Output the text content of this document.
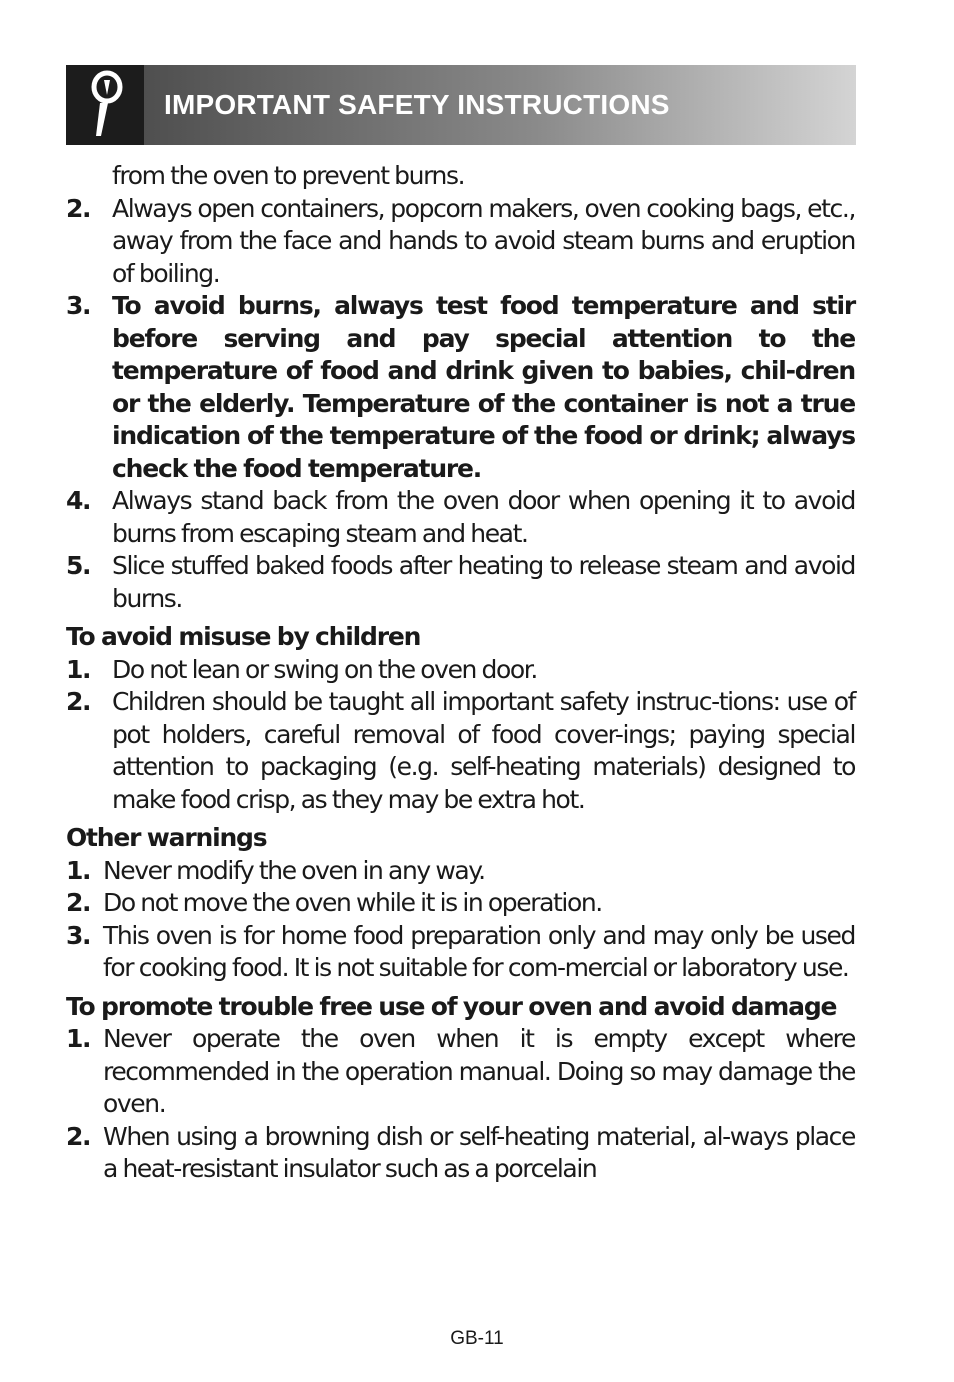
IMPORTANT SAFETY INSTRUCTIONS

from the oven to prevent burns.

2. Always open containers, popcorn makers, oven cooking bags, etc., away from the face and hands to avoid steam burns and eruption of boiling.
3. To avoid burns, always test food temperature and stir before serving and pay special attention to the temperature of food and drink given to babies, chil-dren or the elderly. Temperature of the container is not a true indication of the temperature of the food or drink; always check the food temperature.
4. Always stand back from the oven door when opening it to avoid burns from escaping steam and heat.
5. Slice stuffed baked foods after heating to release steam and avoid burns.

To avoid misuse by children

1. Do not lean or swing on the oven door.
2. Children should be taught all important safety instruc-tions: use of pot holders, careful removal of food cover-ings; paying special attention to packaging (e.g. self-heating materials) designed to make food crisp, as they may be extra hot.

Other warnings

1. Never modify the oven in any way.
2. Do not move the oven while it is in operation.
3. This oven is for home food preparation only and may only be used for cooking food. It is not suitable for com-mercial or laboratory use.

To promote trouble free use of your oven and avoid damage

1. Never operate the oven when it is empty except where recommended in the operation manual. Doing so may damage the oven.
2. When using a browning dish or self-heating material, al-ways place a heat-resistant insulator such as a porcelain
GB-11
